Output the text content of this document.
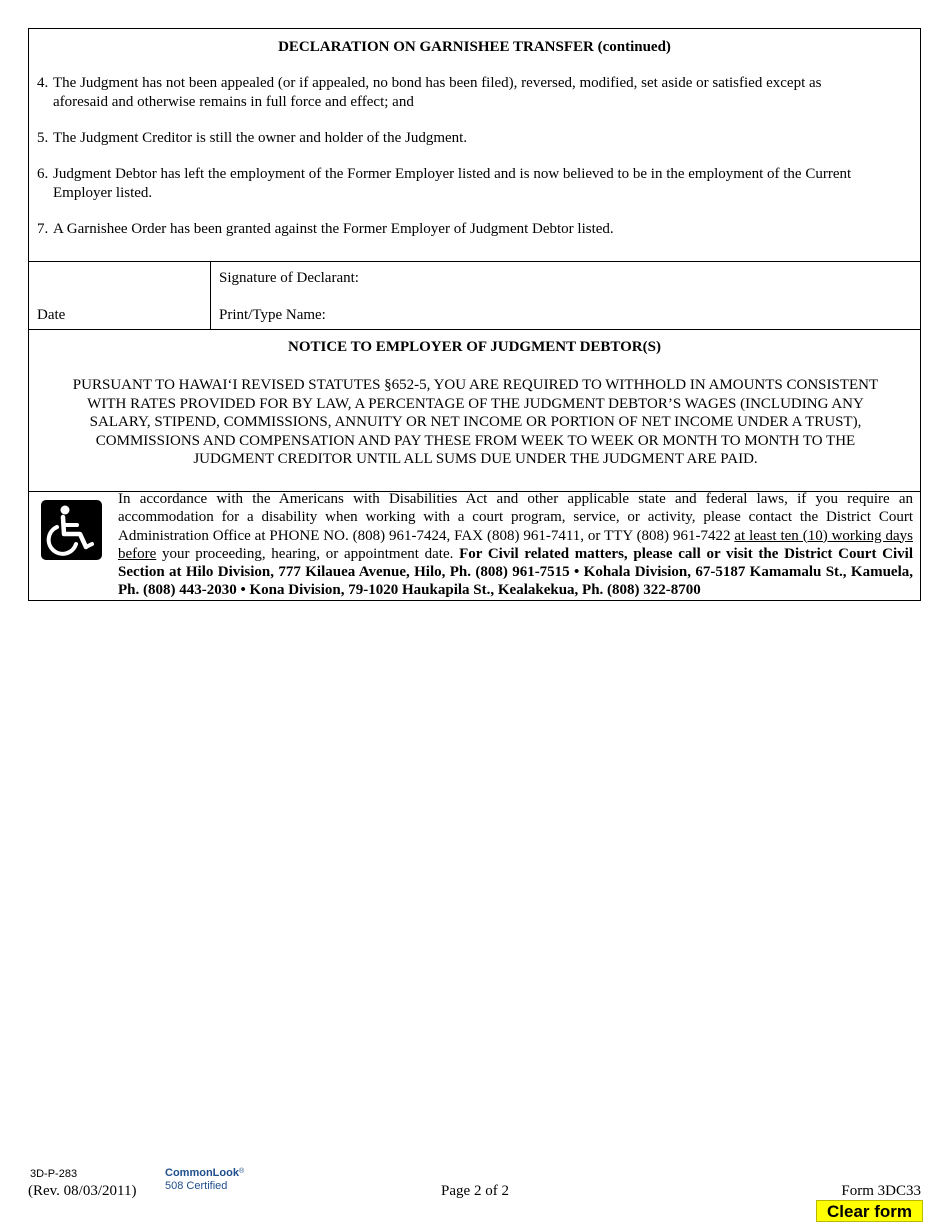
DECLARATION ON GARNISHEE TRANSFER (continued)
4. The Judgment has not been appealed (or if appealed, no bond has been filed), reversed, modified, set aside or satisfied except as
aforesaid and otherwise remains in full force and effect; and
5. The Judgment Creditor is still the owner and holder of the Judgment.
6. Judgment Debtor has left the employment of the Former Employer listed and is now believed to be in the employment of the Current
Employer listed.
7. A Garnishee Order has been granted against the Former Employer of Judgment Debtor listed.
Signature of Declarant:
Date	Print/Type Name:
NOTICE TO EMPLOYER OF JUDGMENT DEBTOR(S)
PURSUANT TO HAWAIʻI REVISED STATUTES §652-5, YOU ARE REQUIRED TO WITHHOLD IN AMOUNTS CONSISTENT
WITH RATES PROVIDED FOR BY LAW, A PERCENTAGE OF THE JUDGMENT DEBTOR’S WAGES (INCLUDING ANY
SALARY, STIPEND, COMMISSIONS, ANNUITY OR NET INCOME OR PORTION OF NET INCOME UNDER A TRUST),
COMMISSIONS AND COMPENSATION AND PAY THESE FROM WEEK TO WEEK OR MONTH TO MONTH TO THE
JUDGMENT CREDITOR UNTIL ALL SUMS DUE UNDER THE JUDGMENT ARE PAID.
In accordance with the Americans with Disabilities Act and other applicable state and federal laws, if you require an accommodation for a disability when working with a court program, service, or activity, please contact the District Court Administration Office at PHONE NO. (808) 961-7424, FAX (808) 961-7411, or TTY (808) 961-7422 at least ten (10) working days before your proceeding, hearing, or appointment date. For Civil related matters, please call or visit the District Court Civil Section at Hilo Division, 777 Kilauea Avenue, Hilo, Ph. (808) 961-7515 • Kohala Division, 67-5187 Kamamalu St., Kamuela, Ph. (808) 443-2030 • Kona Division, 79-1020 Haukapila St., Kealakekua, Ph. (808) 322-8700
3D-P-283
(Rev. 08/03/2011)
CommonLook®
508 Certified	Page 2 of 2	Form 3DC33
Clear form
